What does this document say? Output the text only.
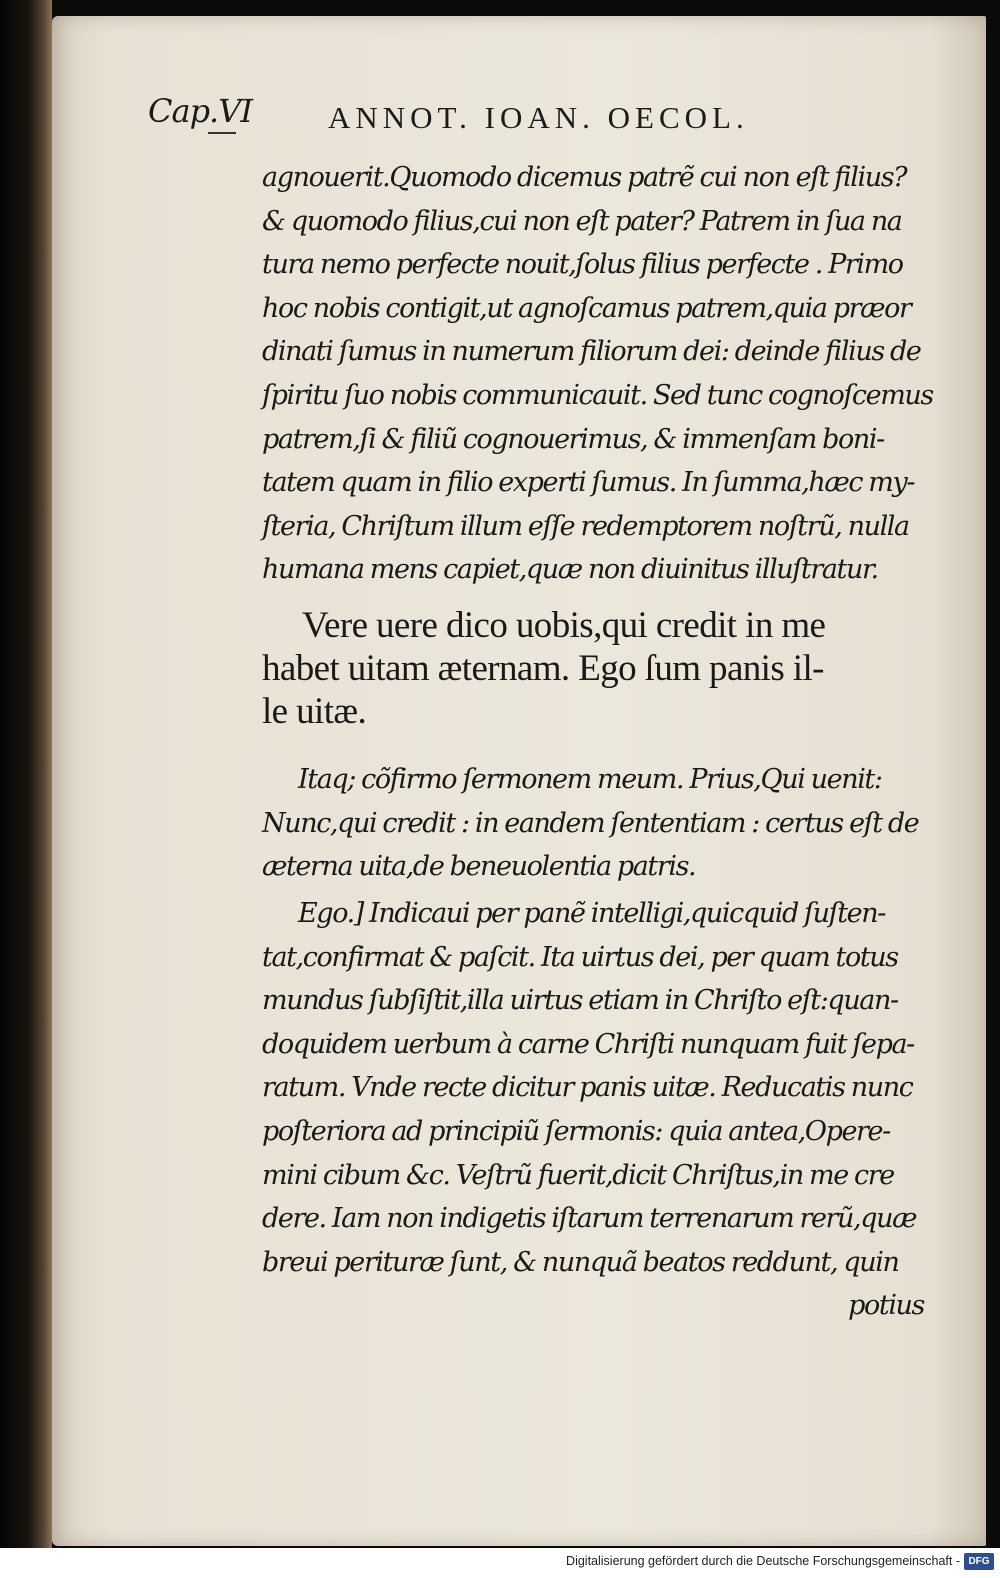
Cap.VI ANNOT. IOAN. OECOL.
agnouerit.Quomodo dicemus patrẽ cui non eſt filius?
& quomodo filius,cui non eſt pater? Patrem in ſua na
tura nemo perfecte nouit,ſolus filius perfecte . Primo
hoc nobis contigit,ut agnoſcamus patrem,quia præor
dinati ſumus in numerum filiorum dei: deinde filius de
ſpiritu ſuo nobis communicauit. Sed tunc cognoſcemus
patrem,ſi & filiũ cognouerimus, & immenſam boni-
tatem quam in filio experti ſumus. In ſumma,hæc my-
ſteria, Chriſtum illum eſſe redemptorem noſtrũ, nulla
humana mens capiet,quæ non diuinitus illuſtratur.
Vere uere dico uobis,qui credit in me
habet uitam æternam. Ego ſum panis il-
le uitæ.
Itaq; cõfirmo ſermonem meum. Prius,Qui uenit:
Nunc,qui credit : in eandem ſententiam : certus eſt de
æterna uita,de beneuolentia patris.
Ego.] Indicaui per panẽ intelligi,quicquid ſuſten-
tat,confirmat & paſcit. Ita uirtus dei, per quam totus
mundus ſubſiſtit,illa uirtus etiam in Chriſto eſt:quan-
doquidem uerbum à carne Chriſti nunquam fuit ſepa-
ratum. Vnde recte dicitur panis uitæ. Reducatis nunc
poſteriora ad principiũ ſermonis: quia antea,Opere-
mini cibum &c. Veſtrũ fuerit,dicit Chriſtus,in me cre
dere. Iam non indigetis iſtarum terrenarum rerũ,quæ
breui perituræ ſunt, & nunquã beatos reddunt, quin
potius
Digitalisierung gefördert durch die Deutsche Forschungsgemeinschaft - DFG
